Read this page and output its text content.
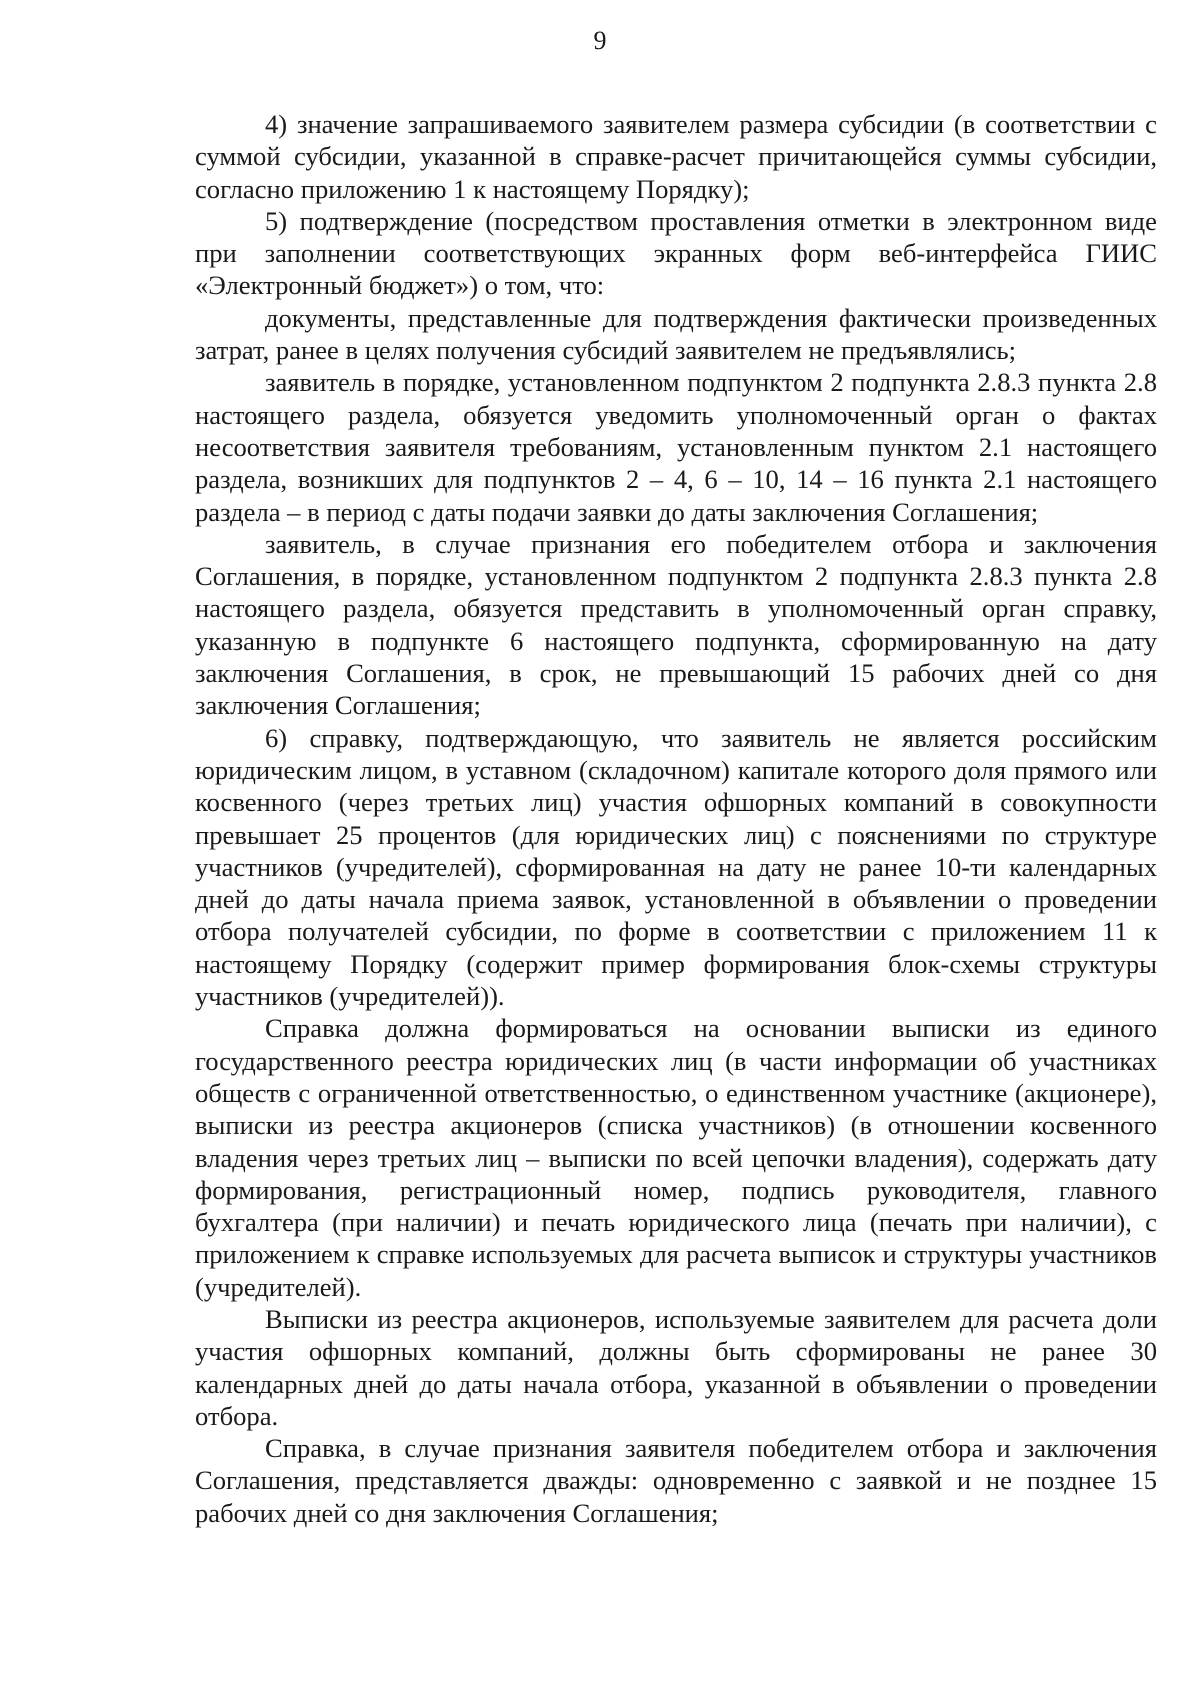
9

4) значение запрашиваемого заявителем размера субсидии (в соответствии с суммой субсидии, указанной в справке-расчет причитающейся суммы субсидии, согласно приложению 1 к настоящему Порядку);

5) подтверждение (посредством проставления отметки в электронном виде при заполнении соответствующих экранных форм веб-интерфейса ГИИС «Электронный бюджет») о том, что:

документы, представленные для подтверждения фактически произведенных затрат, ранее в целях получения субсидий заявителем не предъявлялись;

заявитель в порядке, установленном подпунктом 2 подпункта 2.8.3 пункта 2.8 настоящего раздела, обязуется уведомить уполномоченный орган о фактах несоответствия заявителя требованиям, установленным пунктом 2.1 настоящего раздела, возникших для подпунктов 2 – 4, 6 – 10, 14 – 16 пункта 2.1 настоящего раздела – в период с даты подачи заявки до даты заключения Соглашения;

заявитель, в случае признания его победителем отбора и заключения Соглашения, в порядке, установленном подпунктом 2 подпункта 2.8.3 пункта 2.8 настоящего раздела, обязуется представить в уполномоченный орган справку, указанную в подпункте 6 настоящего подпункта, сформированную на дату заключения Соглашения, в срок, не превышающий 15 рабочих дней со дня заключения Соглашения;

6) справку, подтверждающую, что заявитель не является российским юридическим лицом, в уставном (складочном) капитале которого доля прямого или косвенного (через третьих лиц) участия офшорных компаний в совокупности превышает 25 процентов (для юридических лиц) с пояснениями по структуре участников (учредителей), сформированная на дату не ранее 10-ти календарных дней до даты начала приема заявок, установленной в объявлении о проведении отбора получателей субсидии, по форме в соответствии с приложением 11 к настоящему Порядку (содержит пример формирования блок-схемы структуры участников (учредителей)).

Справка должна формироваться на основании выписки из единого государственного реестра юридических лиц (в части информации об участниках обществ с ограниченной ответственностью, о единственном участнике (акционере), выписки из реестра акционеров (списка участников) (в отношении косвенного владения через третьих лиц – выписки по всей цепочки владения), содержать дату формирования, регистрационный номер, подпись руководителя, главного бухгалтера (при наличии) и печать юридического лица (печать при наличии), с приложением к справке используемых для расчета выписок и структуры участников (учредителей).

Выписки из реестра акционеров, используемые заявителем для расчета доли участия офшорных компаний, должны быть сформированы не ранее 30 календарных дней до даты начала отбора, указанной в объявлении о проведении отбора.

Справка, в случае признания заявителя победителем отбора и заключения Соглашения, представляется дважды: одновременно с заявкой и не позднее 15 рабочих дней со дня заключения Соглашения;
